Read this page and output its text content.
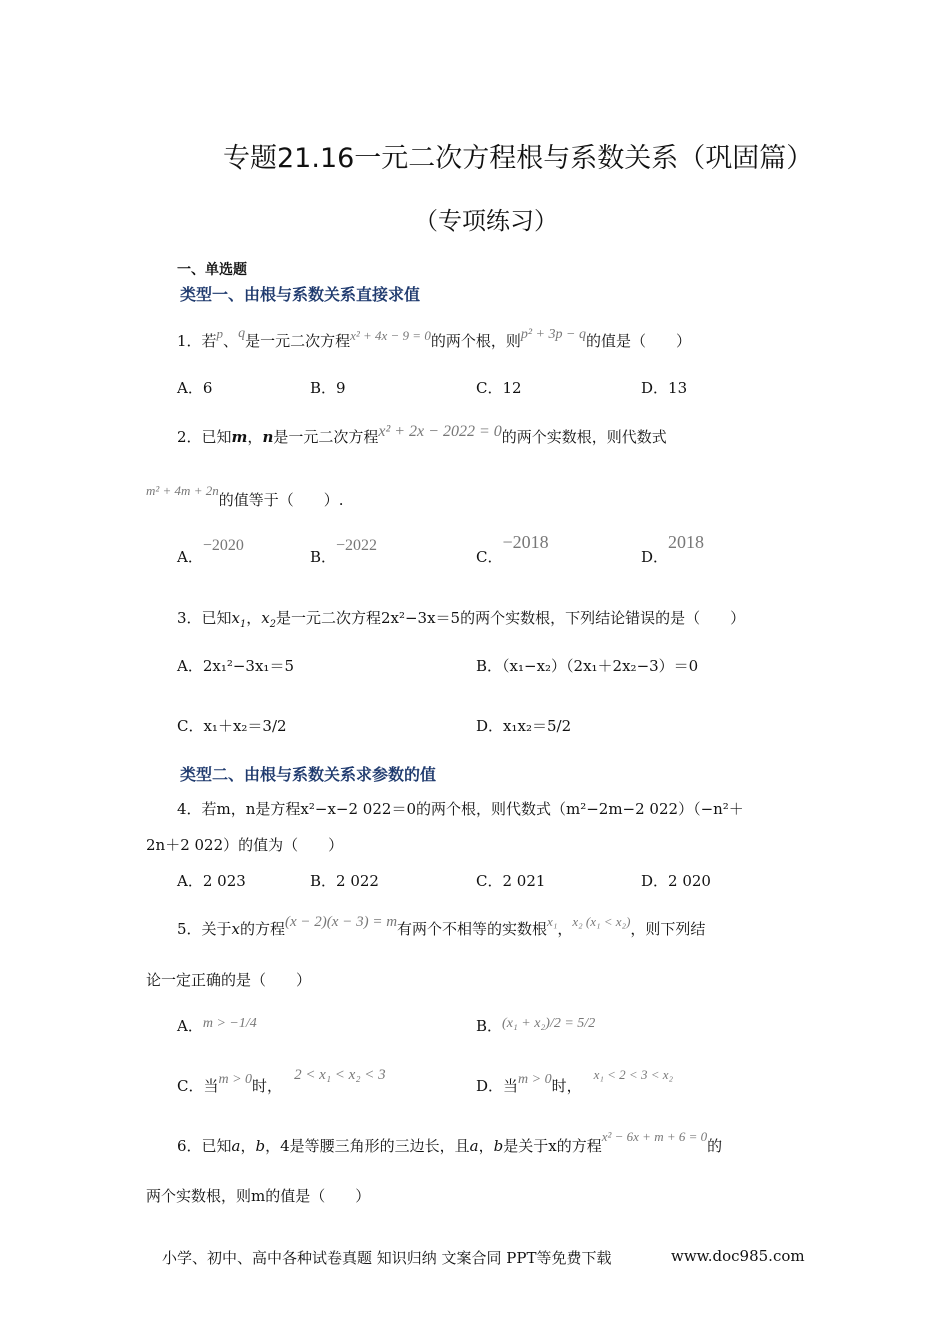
专题21.16一元二次方程根与系数关系（巩固篇）
（专项练习）
一、单选题
类型一、由根与系数关系直接求值
1．若p、q是一元二次方程x² + 4x − 9 = 0的两个根，则p² + 3p − q的值是（　　）
A．6	B．9	C．12	D．13
2．已知m，n是一元二次方程x² + 2x − 2022 = 0的两个实数根，则代数式
m² + 4m + 2n的值等于（　　）.
A．−2020
B．−2022
C．−2018
D．2018
3．已知$x_1$，$x_2$是一元二次方程2x²−3x＝5的两个实数根，下列结论错误的是（　　）
A．2x₁²−3x₁＝5	B．（x₁−x₂）（2x₁＋2x₂−3）＝0
C．x₁＋x₂＝3/2	D．x₁x₂＝5/2
类型二、由根与系数关系求参数的值
4．若m，n是方程x²−x−2 022＝0的两个根，则代数式（m²−2m−2 022）（−n²＋
2n＋2 022）的值为（　　）
A．2 023	B．2 022	C．2 021	D．2 020
5．关于x的方程(x − 2)(x − 3) = m有两个不相等的实数根x₁，x₂ (x₁ < x₂)，则下列结
论一定正确的是（　　）
A．m > −1/4	B．(x₁ + x₂)/2 = 5/2
C．当m > 0时，2 < x₁ < x₂ < 3
D．当m > 0时，x₁ < 2 < 3 < x₂
6．已知a，b，4是等腰三角形的三边长，且a，b是关于x的方程x² − 6x + m + 6 = 0的
两个实数根，则m的值是（　　）
小学、初中、高中各种试卷真题 知识归纳 文案合同 PPT等免费下载	www.doc985.com
